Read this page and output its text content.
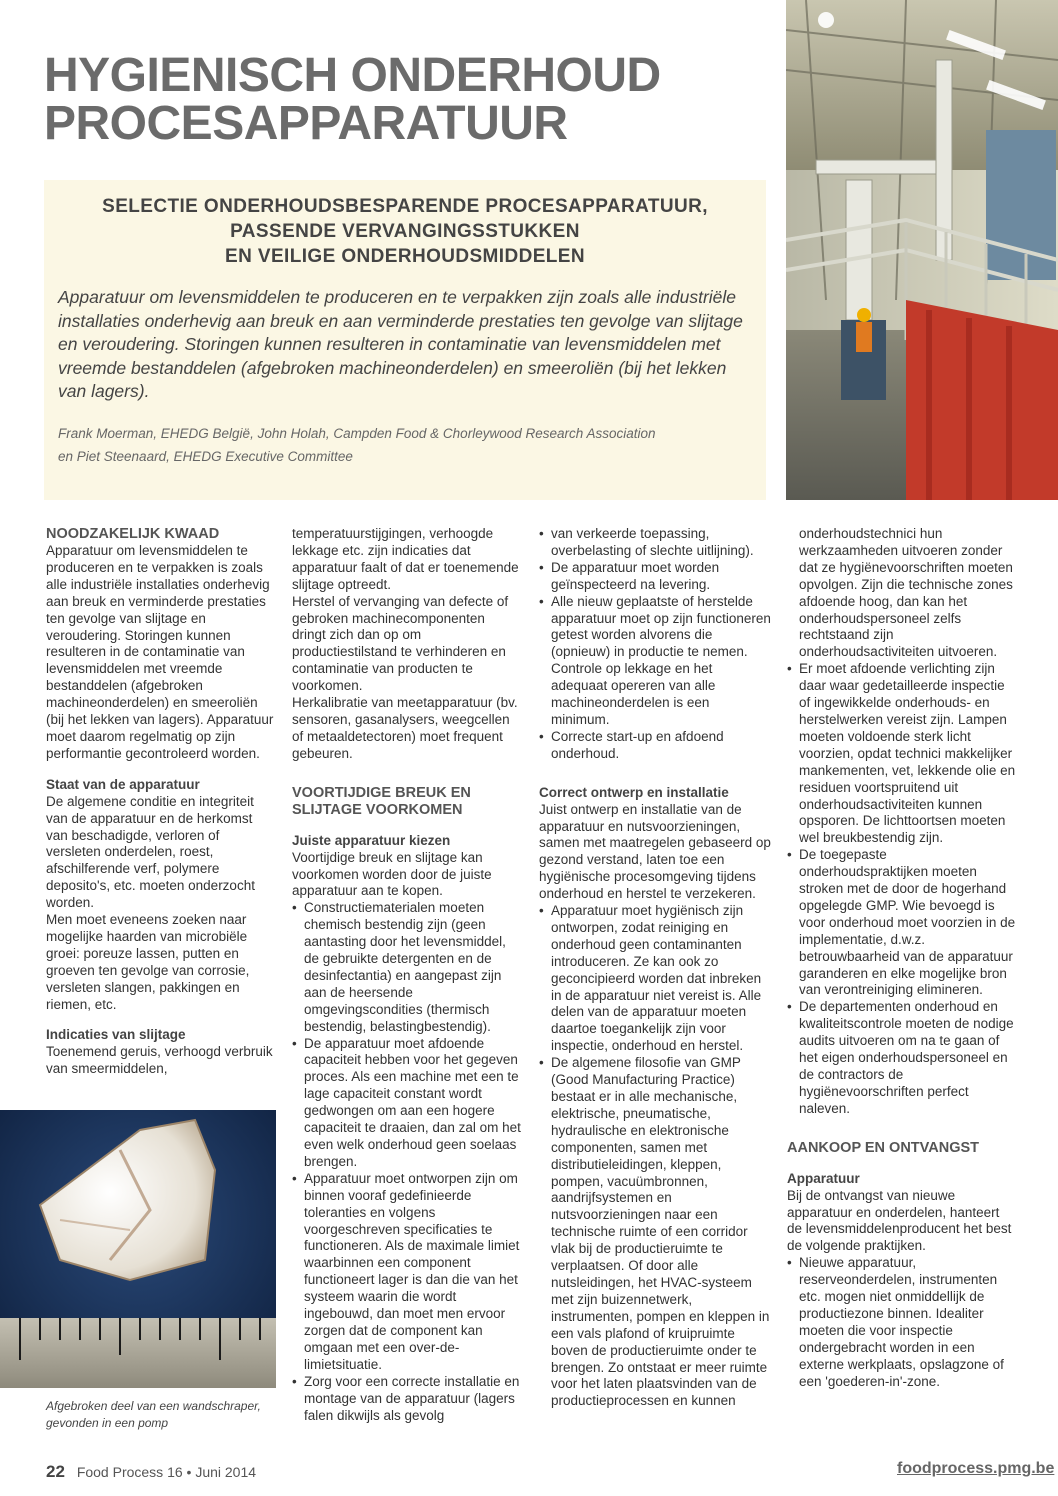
HYGIENISCH ONDERHOUD
PROCESAPPARATUUR
SELECTIE ONDERHOUDSBESPARENDE PROCESAPPARATUUR,
PASSENDE VERVANGINGSSTUKKEN
EN VEILIGE ONDERHOUDSMIDDELEN

Apparatuur om levensmiddelen te produceren en te verpakken zijn zoals alle industriële installaties onderhevig aan breuk en aan verminderde prestaties ten gevolge van slijtage en veroudering. Storingen kunnen resulteren in contaminatie van levensmiddelen met vreemde bestanddelen (afgebroken machineonderdelen) en smeeroliën (bij het lekken van lagers).

Frank Moerman, EHEDG België, John Holah, Campden Food & Chorleywood Research Association
en Piet Steenaard, EHEDG Executive Committee

NOODZAKELIJK KWAAD

Apparatuur om levensmiddelen te produceren en te verpakken is zoals alle industriële installaties onderhevig aan breuk en verminderde prestaties ten gevolge van slijtage en veroudering. Storingen kunnen resulteren in de contaminatie van levensmiddelen met vreemde bestanddelen (afgebroken machineonderdelen) en smeeroliën (bij het lekken van lagers). Apparatuur moet daarom regelmatig op zijn performantie gecontroleerd worden.

Staat van de apparatuur

De algemene conditie en integriteit van de apparatuur en de herkomst van beschadigde, verloren of versleten onderdelen, roest, afschilferende verf, polymere deposito's, etc. moeten onderzocht worden.

Men moet eveneens zoeken naar mogelijke haarden van microbiële groei: poreuze lassen, putten en groeven ten gevolge van corrosie, versleten slangen, pakkingen en riemen, etc.

Indicaties van slijtage

Toenemend geruis, verhoogd verbruik van smeermiddelen,

Afgebroken deel van een wandschraper,
gevonden in een pomp

temperatuurstijgingen, verhoogde lekkage etc. zijn indicaties dat apparatuur faalt of dat er toenemende slijtage optreedt.

Herstel of vervanging van defecte of gebroken machinecomponenten dringt zich dan op om productiestilstand te verhinderen en contaminatie van producten te voorkomen.

Herkalibratie van meetapparatuur (bv. sensoren, gasanalysers, weegcellen of metaaldetectoren) moet frequent gebeuren.

VOORTIJDIGE BREUK EN SLIJTAGE VOORKOMEN

Juiste apparatuur kiezen

Voortijdige breuk en slijtage kan voorkomen worden door de juiste apparatuur aan te kopen.

• Constructiematerialen moeten chemisch bestendig zijn (geen aantasting door het levensmiddel, de gebruikte detergenten en de desinfectantia) en aangepast zijn aan de heersende omgevingscondities (thermisch bestendig, belastingbestendig).
• De apparatuur moet afdoende capaciteit hebben voor het gegeven proces. Als een machine met een te lage capaciteit constant wordt gedwongen om aan een hogere capaciteit te draaien, dan zal om het even welk onderhoud geen soelaas brengen.
• Apparatuur moet ontworpen zijn om binnen vooraf gedefinieerde toleranties en volgens voorgeschreven specificaties te functioneren. Als de maximale limiet waarbinnen een component functioneert lager is dan die van het systeem waarin die wordt ingebouwd, dan moet men ervoor zorgen dat de component kan omgaan met een over-de-limietsituatie.
• Zorg voor een correcte installatie en montage van de apparatuur (lagers falen dikwijls als gevolg
• van verkeerde toepassing, overbelasting of slechte uitlijning).
• De apparatuur moet worden geïnspecteerd na levering.
• Alle nieuw geplaatste of herstelde apparatuur moet op zijn functioneren getest worden alvorens die (opnieuw) in productie te nemen. Controle op lekkage en het adequaat opereren van alle machineonderdelen is een minimum.
• Correcte start-up en afdoend onderhoud.

Correct ontwerp en installatie

Juist ontwerp en installatie van de apparatuur en nutsvoorzieningen, samen met maatregelen gebaseerd op gezond verstand, laten toe een hygiënische procesomgeving tijdens onderhoud en herstel te verzekeren.

• Apparatuur moet hygiënisch zijn ontworpen, zodat reiniging en onderhoud geen contaminanten introduceren. Ze kan ook zo geconcipieerd worden dat inbreken in de apparatuur niet vereist is. Alle delen van de apparatuur moeten daartoe toegankelijk zijn voor inspectie, onderhoud en herstel.
• De algemene filosofie van GMP (Good Manufacturing Practice) bestaat er in alle mechanische, elektrische, pneumatische, hydraulische en elektronische componenten, samen met distributieleidingen, kleppen, pompen, vacuümbronnen, aandrijfsystemen en nutsvoorzieningen naar een technische ruimte of een corridor vlak bij de productieruimte te verplaatsen. Of door alle nutsleidingen, het HVAC-systeem met zijn buizennetwerk, instrumenten, pompen en kleppen in een vals plafond of kruipruimte boven de productieruimte onder te brengen. Zo ontstaat er meer ruimte voor het laten plaatsvinden van de productieprocessen en kunnen

onderhoudstechnici hun werkzaamheden uitvoeren zonder dat ze hygiënevoorschriften moeten opvolgen. Zijn die technische zones afdoende hoog, dan kan het onderhoudspersoneel zelfs rechtstaand zijn onderhoudsactiviteiten uitvoeren.

• Er moet afdoende verlichting zijn daar waar gedetailleerde inspectie of ingewikkelde onderhouds- en herstelwerken vereist zijn. Lampen moeten voldoende sterk licht voorzien, opdat technici makkelijker mankementen, vet, lekkende olie en residuen voortspruitend uit onderhoudsactiviteiten kunnen opsporen. De lichttoortsen moeten wel breukbestendig zijn.
• De toegepaste onderhoudspraktijken moeten stroken met de door de hogerhand opgelegde GMP. Wie bevoegd is voor onderhoud moet voorzien in de implementatie, d.w.z. betrouwbaarheid van de apparatuur garanderen en elke mogelijke bron van verontreiniging elimineren.
• De departementen onderhoud en kwaliteitscontrole moeten de nodige audits uitvoeren om na te gaan of het eigen onderhoudspersoneel en de contractors de hygiënevoorschriften perfect naleven.

AANKOOP EN ONTVANGST

Apparatuur

Bij de ontvangst van nieuwe apparatuur en onderdelen, hanteert de levensmiddelenproducent het best de volgende praktijken.

• Nieuwe apparatuur, reserveonderdelen, instrumenten etc. mogen niet onmiddellijk de productiezone binnen. Idealiter moeten die voor inspectie ondergebracht worden in een externe werkplaats, opslagzone of een 'goederen-in'-zone.
22 Food Process 16 • Juni 2014	foodprocess.pmg.be
